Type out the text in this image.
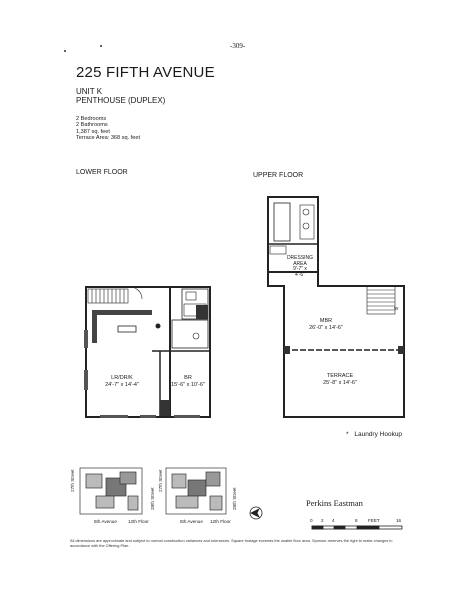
-309-
225 FIFTH AVENUE
UNIT K
PENTHOUSE (DUPLEX)
2 Bedrooms
2 Bathrooms
1,387 sq. feet
Terrace Area: 368 sq. feet
LOWER FLOOR	UPPER FLOOR
LR/DR/K
24'-7" x 14'-4"
BR
15'-6" x 10'-6"
DRESSING
AREA
9'-7" x
4'-6"
MBR
26'-0" x 14'-6"
TERRACE
25'-8" x 14'-6"
W
* Laundry Hookup
27th Street
28th Street
5th Avenue 12th Floor
27th Street
28th Street
5th Avenue 12th Floor
Perkins Eastman
0 2 4	8 FEET	16
All dimensions are approximate and subject to normal construction variances and tolerances. Square footage exceeds the usable floor area. Sponsor reserves the right to make changes in accordance with the Offering Plan.
